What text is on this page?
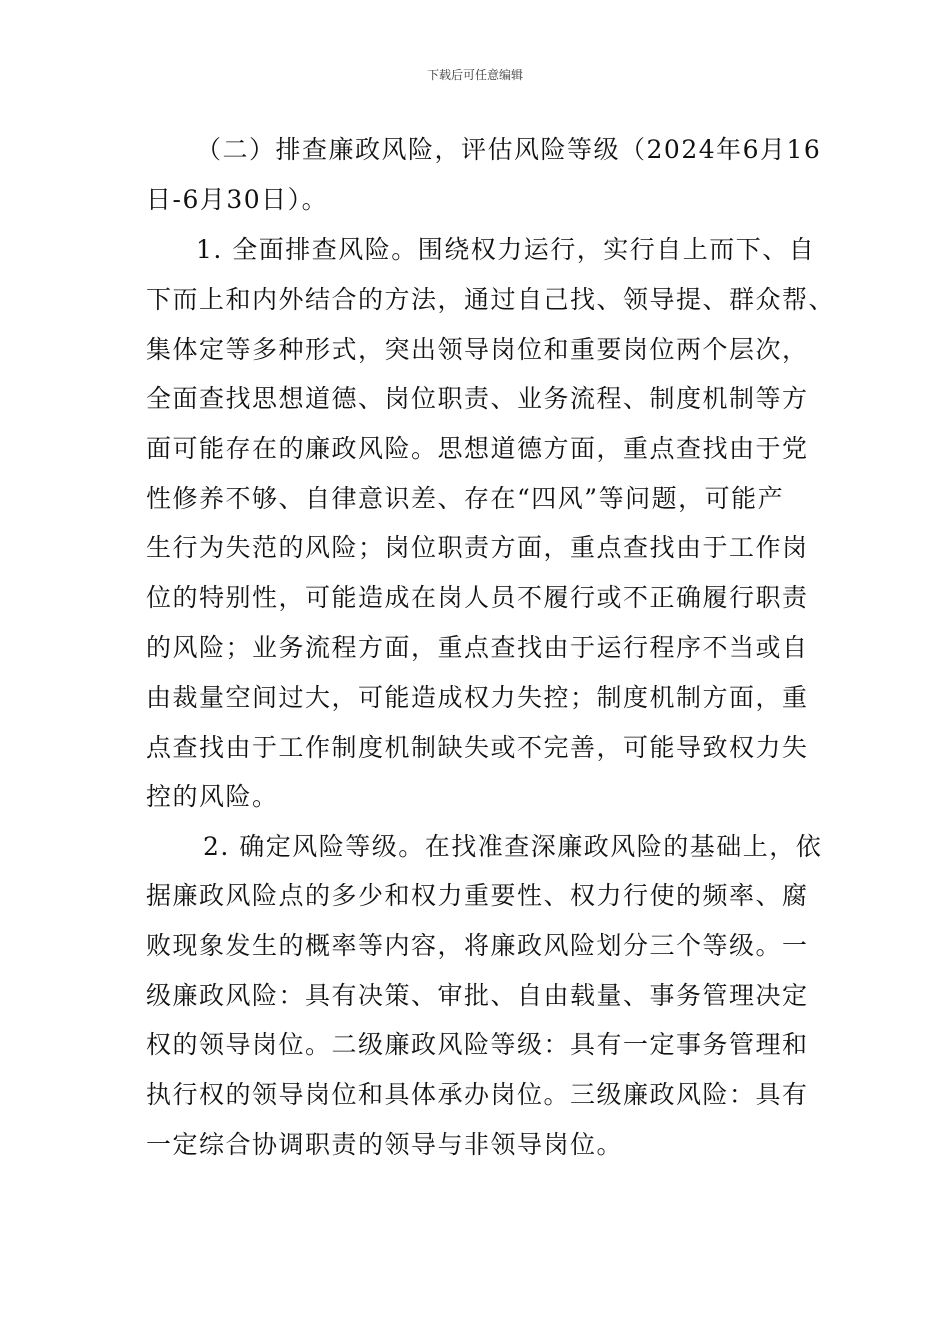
下载后可任意编辑
（二）排查廉政风险，评估风险等级（2024年6月16
日-6月30日）。
1. 全面排查风险。围绕权力运行，实行自上而下、自
下而上和内外结合的方法，通过自己找、领导提、群众帮、
集体定等多种形式，突出领导岗位和重要岗位两个层次，
全面查找思想道德、岗位职责、业务流程、制度机制等方
面可能存在的廉政风险。思想道德方面，重点查找由于党
性修养不够、自律意识差、存在“四风”等问题，可能产
生行为失范的风险；岗位职责方面，重点查找由于工作岗
位的特别性，可能造成在岗人员不履行或不正确履行职责
的风险；业务流程方面，重点查找由于运行程序不当或自
由裁量空间过大，可能造成权力失控；制度机制方面，重
点查找由于工作制度机制缺失或不完善，可能导致权力失
控的风险。
2. 确定风险等级。在找准查深廉政风险的基础上，依
据廉政风险点的多少和权力重要性、权力行使的频率、腐
败现象发生的概率等内容，将廉政风险划分三个等级。一
级廉政风险：具有决策、审批、自由载量、事务管理决定
权的领导岗位。二级廉政风险等级：具有一定事务管理和
执行权的领导岗位和具体承办岗位。三级廉政风险：具有
一定综合协调职责的领导与非领导岗位。
